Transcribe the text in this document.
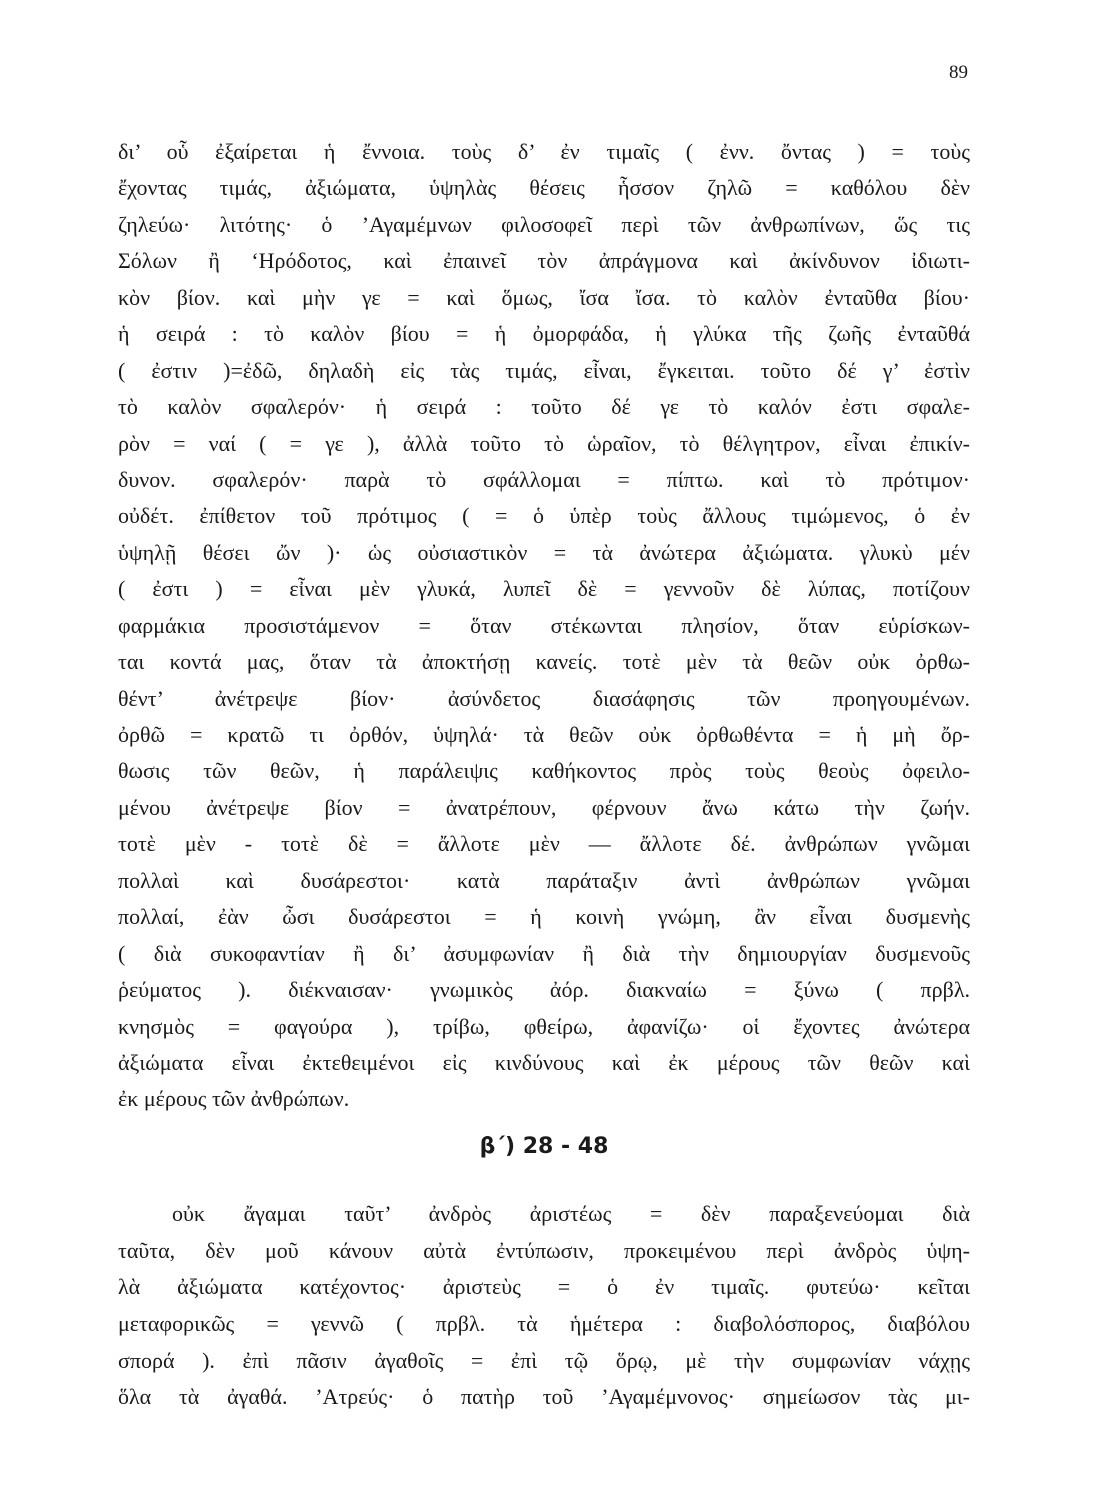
89
δι’ οὗ ἐξαίρεται ἡ ἔννοια. τοὺς δ’ ἐν τιμαῖς ( ἐνν. ὄντας ) = τοὺς
ἔχοντας τιμάς, ἀξιώματα, ὑψηλὰς θέσεις ἧσσον ζηλῶ = καθόλου δὲν
ζηλεύω· λιτότης· ὁ ’Αγαμέμνων φιλοσοφεῖ περὶ τῶν ἀνθρωπίνων, ὥς τις
Σόλων ἢ ‘Ηρόδοτος, καὶ ἐπαινεῖ τὸν ἀπράγμονα καὶ ἀκίνδυνον ἰδιωτι-
κὸν βίον. καὶ μὴν γε = καὶ ὅμως, ἴσα ἴσα. τὸ καλὸν ἐνταῦθα βίου·
ἡ σειρά : τὸ καλὸν βίου = ἡ ὀμορφάδα, ἡ γλύκα τῆς ζωῆς ἐνταῦθά
( ἐστιν )=ἐδῶ, δηλαδὴ εἰς τὰς τιμάς, εἶναι, ἔγκειται. τοῦτο δέ γ’ ἐστὶν
τὸ καλὸν σφαλερόν· ἡ σειρά : τοῦτο δέ γε τὸ καλόν ἐστι σφαλε-
ρὸν = ναί ( = γε ), ἀλλὰ τοῦτο τὸ ὡραῖον, τὸ θέλγητρον, εἶναι ἐπικίν-
δυνον. σφαλερόν· παρὰ τὸ σφάλλομαι = πίπτω. καὶ τὸ πρότιμον·
οὐδέτ. ἐπίθετον τοῦ πρότιμος ( = ὁ ὑπὲρ τοὺς ἄλλους τιμώμενος, ὁ ἐν
ὑψηλῇ θέσει ὤν )· ὡς οὐσιαστικὸν = τὰ ἀνώτερα ἀξιώματα. γλυκὺ μέν
( ἐστι ) = εἶναι μὲν γλυκά, λυπεῖ δὲ = γεννοῦν δὲ λύπας, ποτίζουν
φαρμάκια προσιστάμενον = ὅταν στέκωνται πλησίον, ὅταν εὑρίσκων-
ται κοντά μας, ὅταν τὰ ἀποκτήσῃ κανείς. τοτὲ μὲν τὰ θεῶν οὐκ ὀρθω-
θέντ’ ἀνέτρεψε βίον· ἀσύνδετος διασάφησις τῶν προηγουμένων.
ὀρθῶ = κρατῶ τι ὀρθόν, ὑψηλά· τὰ θεῶν οὐκ ὀρθωθέντα = ἡ μὴ ὄρ-
θωσις τῶν θεῶν, ἡ παράλειψις καθήκοντος πρὸς τοὺς θεοὺς ὀφειλο-
μένου ἀνέτρεψε βίον = ἀνατρέπουν, φέρνουν ἄνω κάτω τὴν ζωήν.
τοτὲ μὲν - τοτὲ δὲ = ἄλλοτε μὲν — ἄλλοτε δέ. ἀνθρώπων γνῶμαι
πολλαὶ καὶ δυσάρεστοι· κατὰ παράταξιν ἀντὶ ἀνθρώπων γνῶμαι
πολλαί, ἐὰν ὦσι δυσάρεστοι = ἡ κοινὴ γνώμη, ἂν εἶναι δυσμενὴς
( διὰ συκοφαντίαν ἢ δι’ ἀσυμφωνίαν ἢ διὰ τὴν δημιουργίαν δυσμενοῦς
ῥεύματος ). διέκναισαν· γνωμικὸς ἀόρ. διακναίω = ξύνω ( πρβλ.
κνησμὸς = φαγούρα ), τρίβω, φθείρω, ἀφανίζω· οἱ ἔχοντες ἀνώτερα
ἀξιώματα εἶναι ἐκτεθειμένοι εἰς κινδύνους καὶ ἐκ μέρους τῶν θεῶν καὶ
ἐκ μέρους τῶν ἀνθρώπων.
β΄) 28 - 48
οὐκ ἄγαμαι ταῦτ’ ἀνδρὸς ἀριστέως = δὲν παραξενεύομαι διὰ
ταῦτα, δὲν μοῦ κάνουν αὐτὰ ἐντύπωσιν, προκειμένου περὶ ἀνδρὸς ὑψη-
λὰ ἀξιώματα κατέχοντος· ἀριστεὺς = ὁ ἐν τιμαῖς. φυτεύω· κεῖται
μεταφορικῶς = γεννῶ ( πρβλ. τὰ ἡμέτερα : διαβολόσπορος, διαβόλου
σπορά ). ἐπὶ πᾶσιν ἀγαθοῖς = ἐπὶ τῷ ὅρῳ, μὲ τὴν συμφωνίαν νάχῃς
ὅλα τὰ ἀγαθά. ’Ατρεύς· ὁ πατὴρ τοῦ ’Αγαμέμνονος· σημείωσον τὰς μι-
